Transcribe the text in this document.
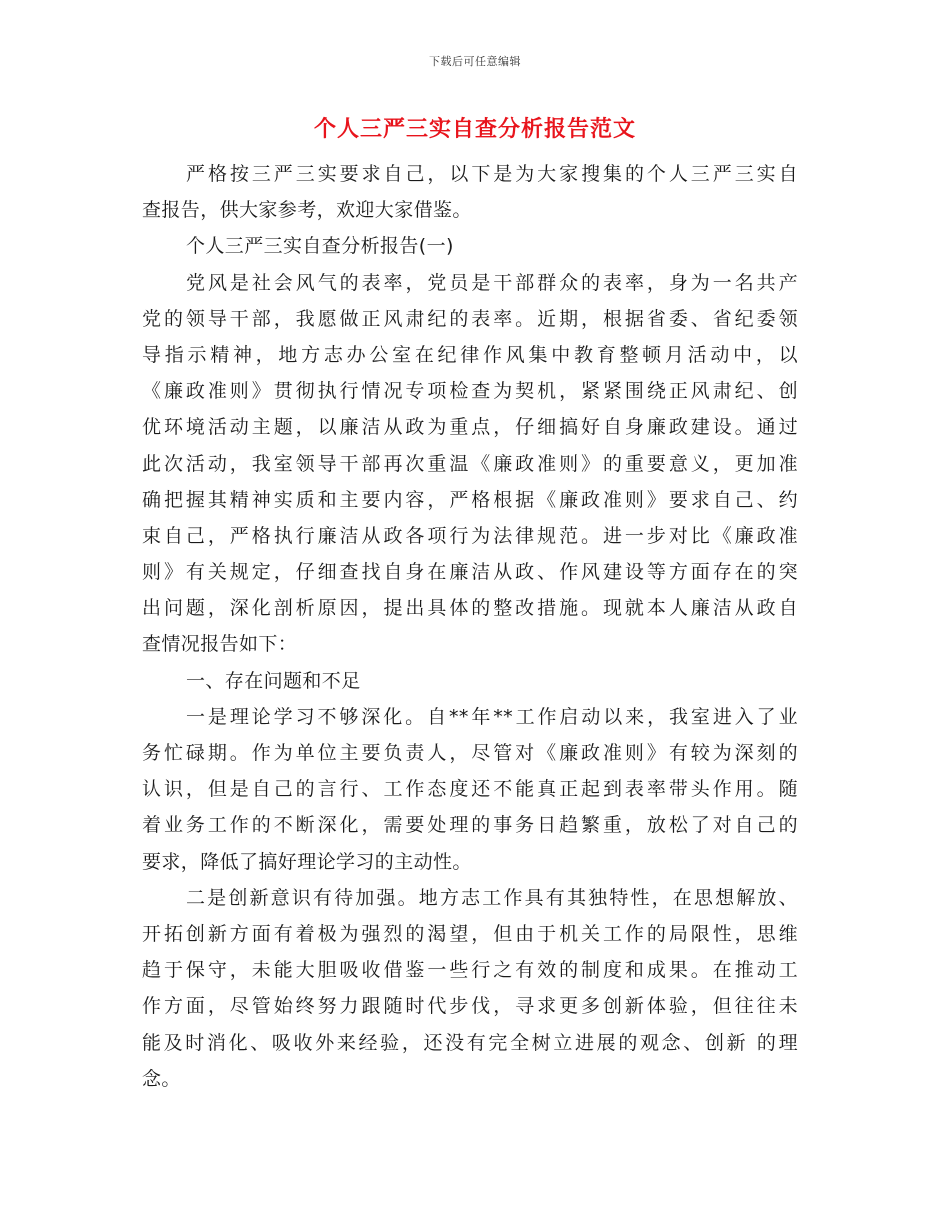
下载后可任意编辑
个人三严三实自查分析报告范文
严格按三严三实要求自己，以下是为大家搜集的个人三严三实自
查报告，供大家参考，欢迎大家借鉴。
个人三严三实自查分析报告(一)
党风是社会风气的表率，党员是干部群众的表率，身为一名共产
党的领导干部，我愿做正风肃纪的表率。近期，根据省委、省纪委领
导指示精神，地方志办公室在纪律作风集中教育整顿月活动中，以
《廉政准则》贯彻执行情况专项检查为契机，紧紧围绕正风肃纪、创
优环境活动主题，以廉洁从政为重点，仔细搞好自身廉政建设。通过
此次活动，我室领导干部再次重温《廉政准则》的重要意义，更加准
确把握其精神实质和主要内容，严格根据《廉政准则》要求自己、约
束自己，严格执行廉洁从政各项行为法律规范。进一步对比《廉政准
则》有关规定，仔细查找自身在廉洁从政、作风建设等方面存在的突
出问题，深化剖析原因，提出具体的整改措施。现就本人廉洁从政自
查情况报告如下：
一、存在问题和不足
一是理论学习不够深化。自**年**工作启动以来，我室进入了业
务忙碌期。作为单位主要负责人，尽管对《廉政准则》有较为深刻的
认识，但是自己的言行、工作态度还不能真正起到表率带头作用。随
着业务工作的不断深化，需要处理的事务日趋繁重，放松了对自己的
要求，降低了搞好理论学习的主动性。
二是创新意识有待加强。地方志工作具有其独特性，在思想解放、
开拓创新方面有着极为强烈的渴望，但由于机关工作的局限性，思维
趋于保守，未能大胆吸收借鉴一些行之有效的制度和成果。在推动工
作方面，尽管始终努力跟随时代步伐，寻求更多创新体验，但往往未
能及时消化、吸收外来经验，还没有完全树立进展的观念、创新 的理
念。
